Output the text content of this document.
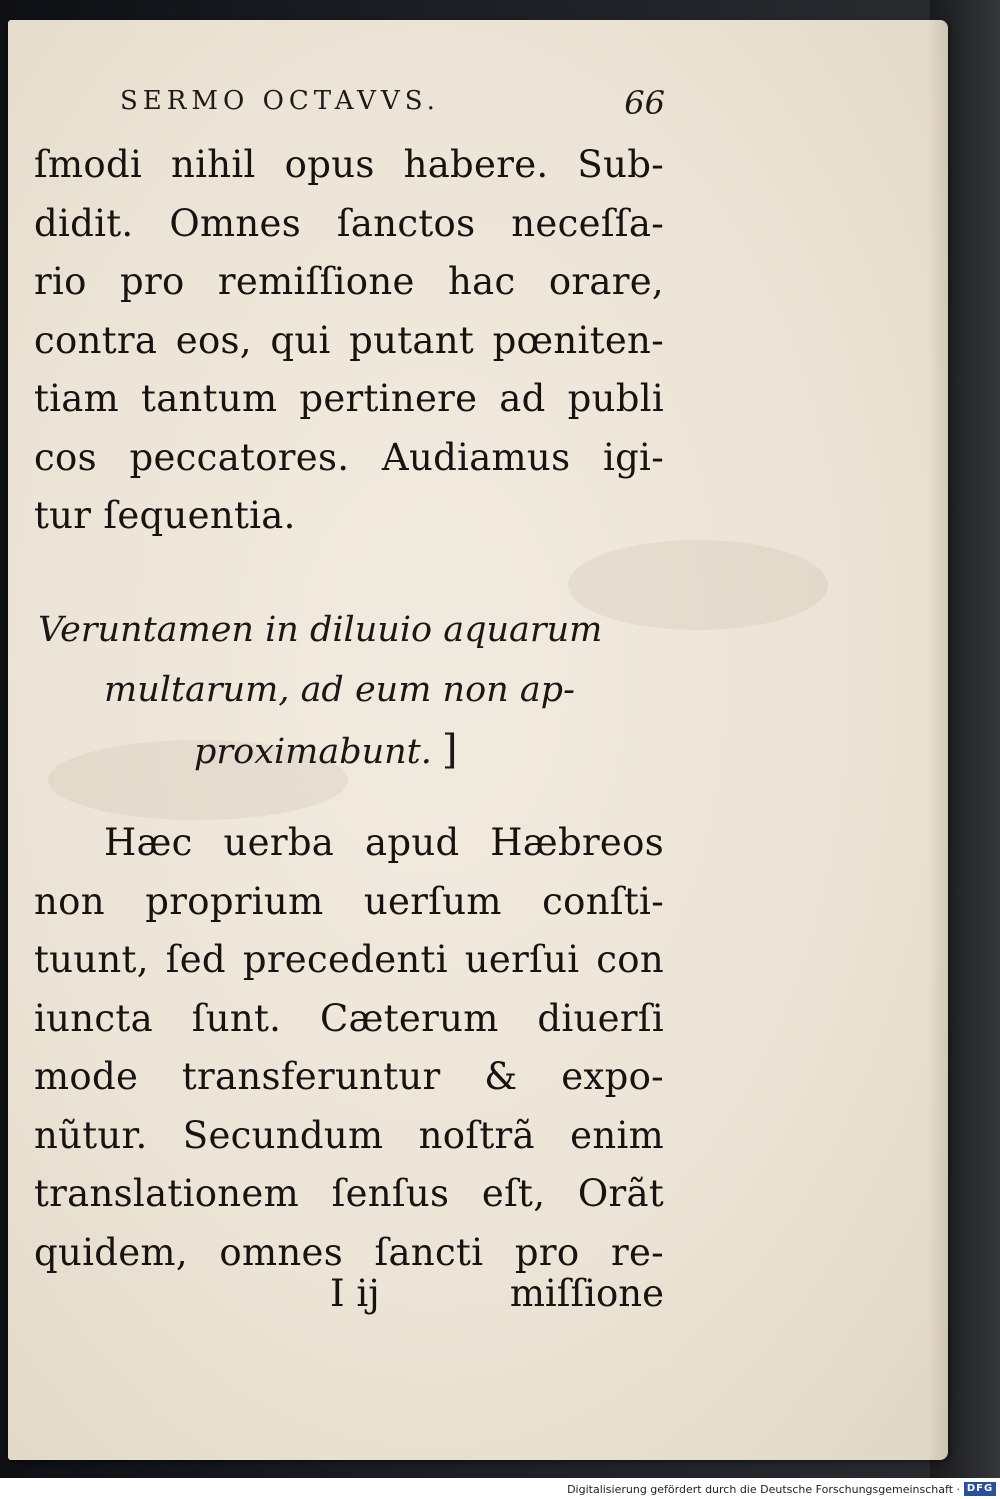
SERMO OCTAVVS.	66
ſmodi nihil opus habere. Sub-
didit. Omnes ſanctos neceſſa-
rio pro remiſſione hac orare,
contra eos, qui putant pœniten-
tiam tantum pertinere ad publi
cos peccatores. Audiamus igi-
tur ſequentia.
Veruntamen in diluuio aquarum
multarum, ad eum non ap-
proximabunt. ]
Hæc uerba apud Hæbreos
non proprium uerſum conſti-
tuunt, ſed precedenti uerſui con
iuncta ſunt. Cæterum diuerſi
mode transferuntur & expo-
nũtur. Secundum noſtrã enim
translationem ſenſus eſt, Orãt
quidem, omnes ſancti pro re-
I ij	miſſione
Digitalisierung gefördert durch die Deutsche Forschungsgemeinschaft · DFG
